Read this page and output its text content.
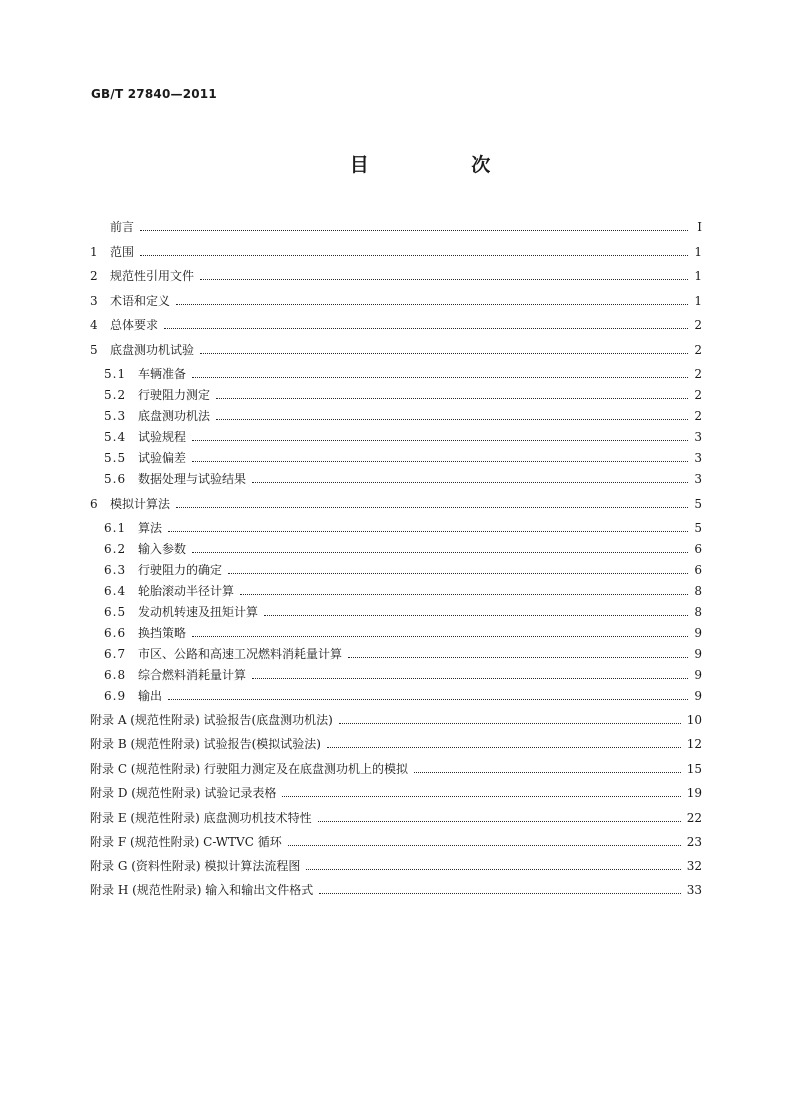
GB/T 27840—2011
目 次
前言	I
1	范围	1
2	规范性引用文件	1
3	术语和定义	1
4	总体要求	2
5	底盘测功机试验	2
5.1 车辆准备	2
5.2 行驶阻力测定	2
5.3 底盘测功机法	2
5.4 试验规程	3
5.5 试验偏差	3
5.6 数据处理与试验结果	3
6	模拟计算法	5
6.1 算法	5
6.2 输入参数	6
6.3 行驶阻力的确定	6
6.4 轮胎滚动半径计算	8
6.5 发动机转速及扭矩计算	8
6.6 换挡策略	9
6.7 市区、公路和高速工况燃料消耗量计算	9
6.8 综合燃料消耗量计算	9
6.9 输出	9
附录 A (规范性附录) 试验报告(底盘测功机法)	10
附录 B (规范性附录) 试验报告(模拟试验法)	12
附录 C (规范性附录) 行驶阻力测定及在底盘测功机上的模拟	15
附录 D (规范性附录) 试验记录表格	19
附录 E (规范性附录) 底盘测功机技术特性	22
附录 F (规范性附录) C-WTVC 循环	23
附录 G (资料性附录) 模拟计算法流程图	32
附录 H (规范性附录) 输入和输出文件格式	33
